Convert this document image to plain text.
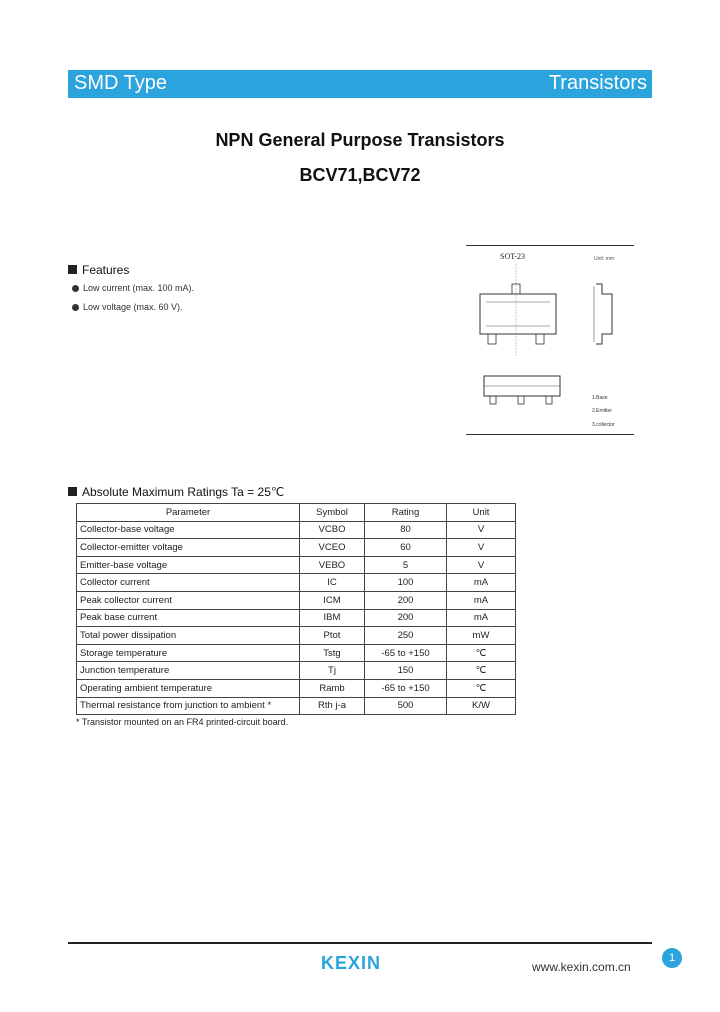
SMD Type	Transistors
NPN General Purpose Transistors
BCV71,BCV72
Features
Low current (max. 100 mA).
Low voltage (max. 60 V).
SOT-23	Unit: mm
1.Base
2.Emitter
3.collector
Absolute Maximum Ratings Ta = 25℃
Parameter	Symbol	Rating	Unit
Collector-base voltage	VCBO	80	V
Collector-emitter voltage	VCEO	60	V
Emitter-base voltage	VEBO	5	V
Collector current	IC	100	mA
Peak collector current	ICM	200	mA
Peak base current	IBM	200	mA
Total power dissipation	Ptot	250	mW
Storage temperature	Tstg	-65 to +150	℃
Junction temperature	Tj	150	℃
Operating ambient temperature	Ramb	-65 to +150	℃
Thermal resistance from junction to ambient *	Rth j-a	500	K/W
* Transistor mounted on an FR4 printed-circuit board.
KEXIN	www.kexin.com.cn
1
